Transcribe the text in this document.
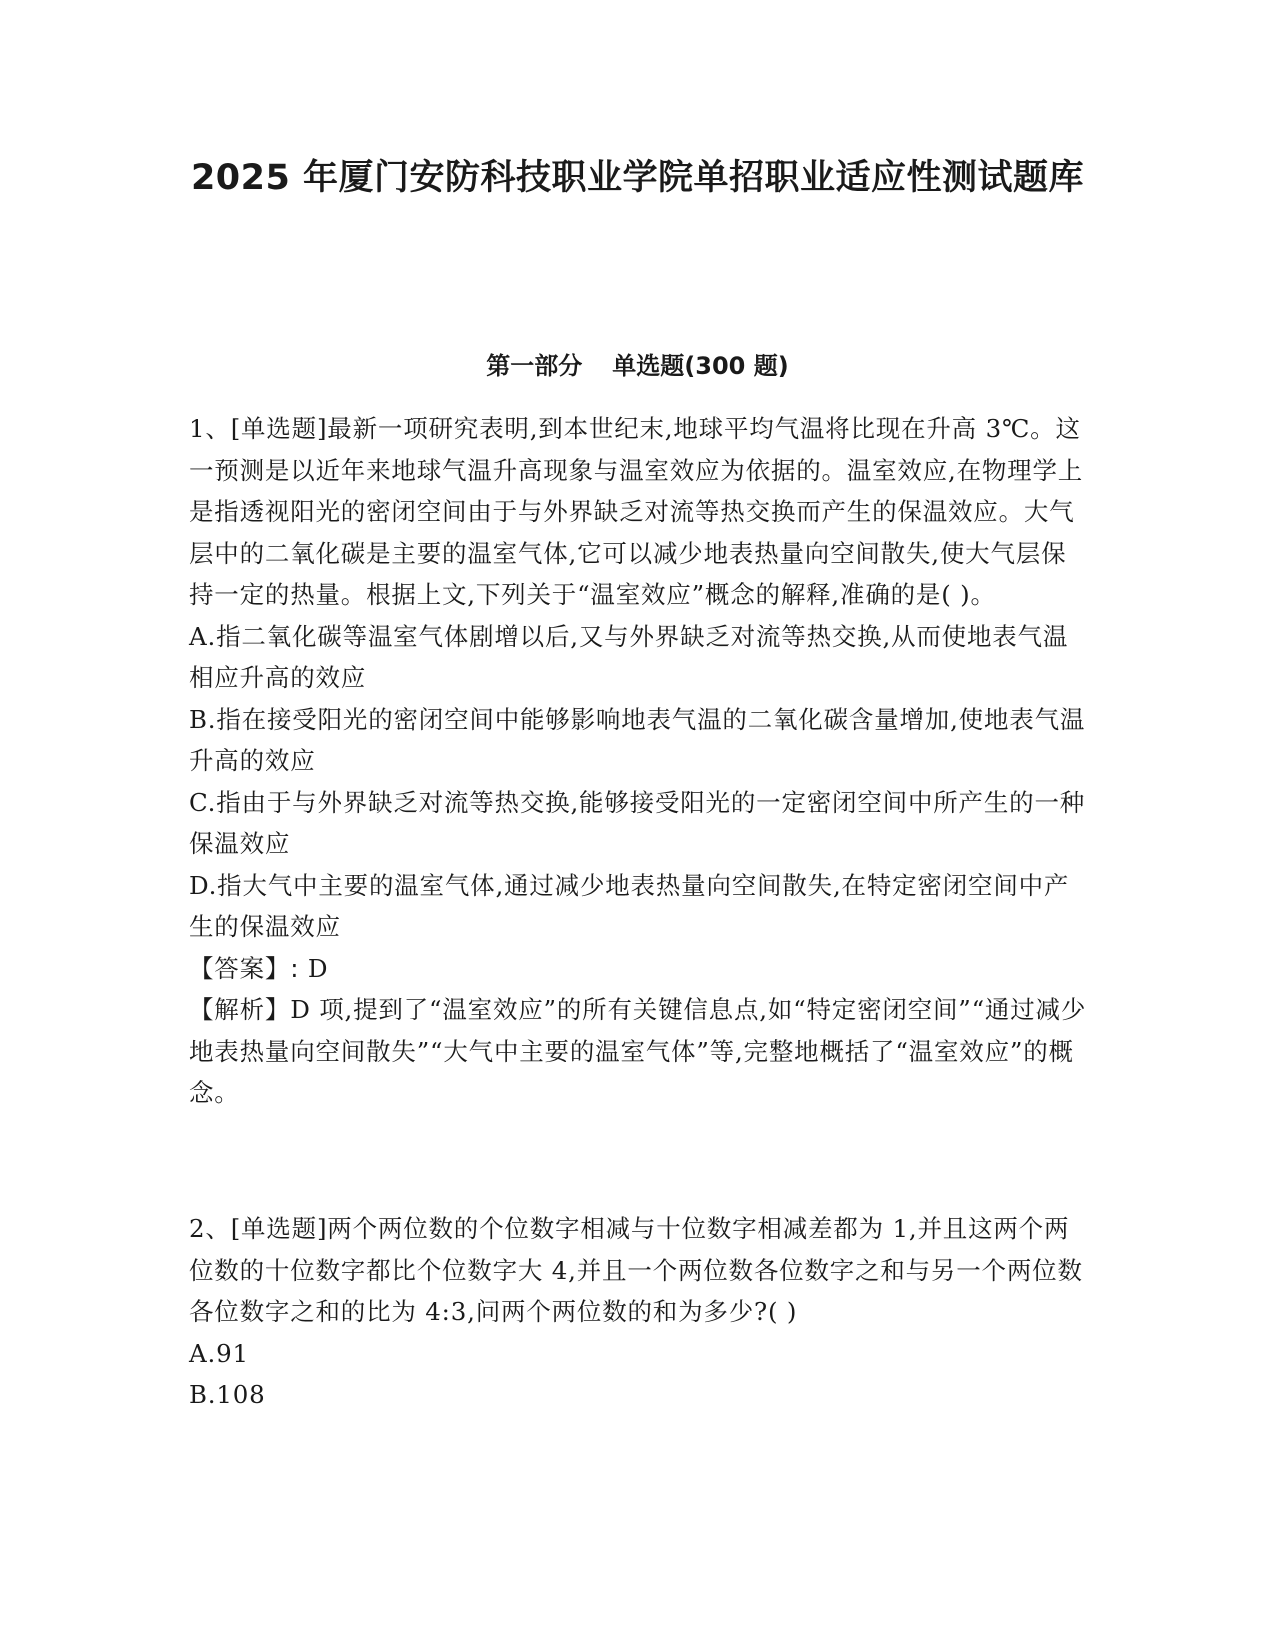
2025 年厦门安防科技职业学院单招职业适应性测试题库
第一部分 单选题(300 题)

1、[单选题]最新一项研究表明,到本世纪末,地球平均气温将比现在升高 3℃。这一预测是以近年来地球气温升高现象与温室效应为依据的。温室效应,在物理学上是指透视阳光的密闭空间由于与外界缺乏对流等热交换而产生的保温效应。大气层中的二氧化碳是主要的温室气体,它可以减少地表热量向空间散失,使大气层保持一定的热量。根据上文,下列关于“温室效应”概念的解释,准确的是( )。

A.指二氧化碳等温室气体剧增以后,又与外界缺乏对流等热交换,从而使地表气温相应升高的效应

B.指在接受阳光的密闭空间中能够影响地表气温的二氧化碳含量增加,使地表气温升高的效应

C.指由于与外界缺乏对流等热交换,能够接受阳光的一定密闭空间中所产生的一种保温效应

D.指大气中主要的温室气体,通过减少地表热量向空间散失,在特定密闭空间中产生的保温效应

【答案】: D

【解析】D 项,提到了“温室效应”的所有关键信息点,如“特定密闭空间”“通过减少地表热量向空间散失”“大气中主要的温室气体”等,完整地概括了“温室效应”的概念。

2、[单选题]两个两位数的个位数字相减与十位数字相减差都为 1,并且这两个两位数的十位数字都比个位数字大 4,并且一个两位数各位数字之和与另一个两位数各位数字之和的比为 4:3,问两个两位数的和为多少?( )

A.91

B.108
